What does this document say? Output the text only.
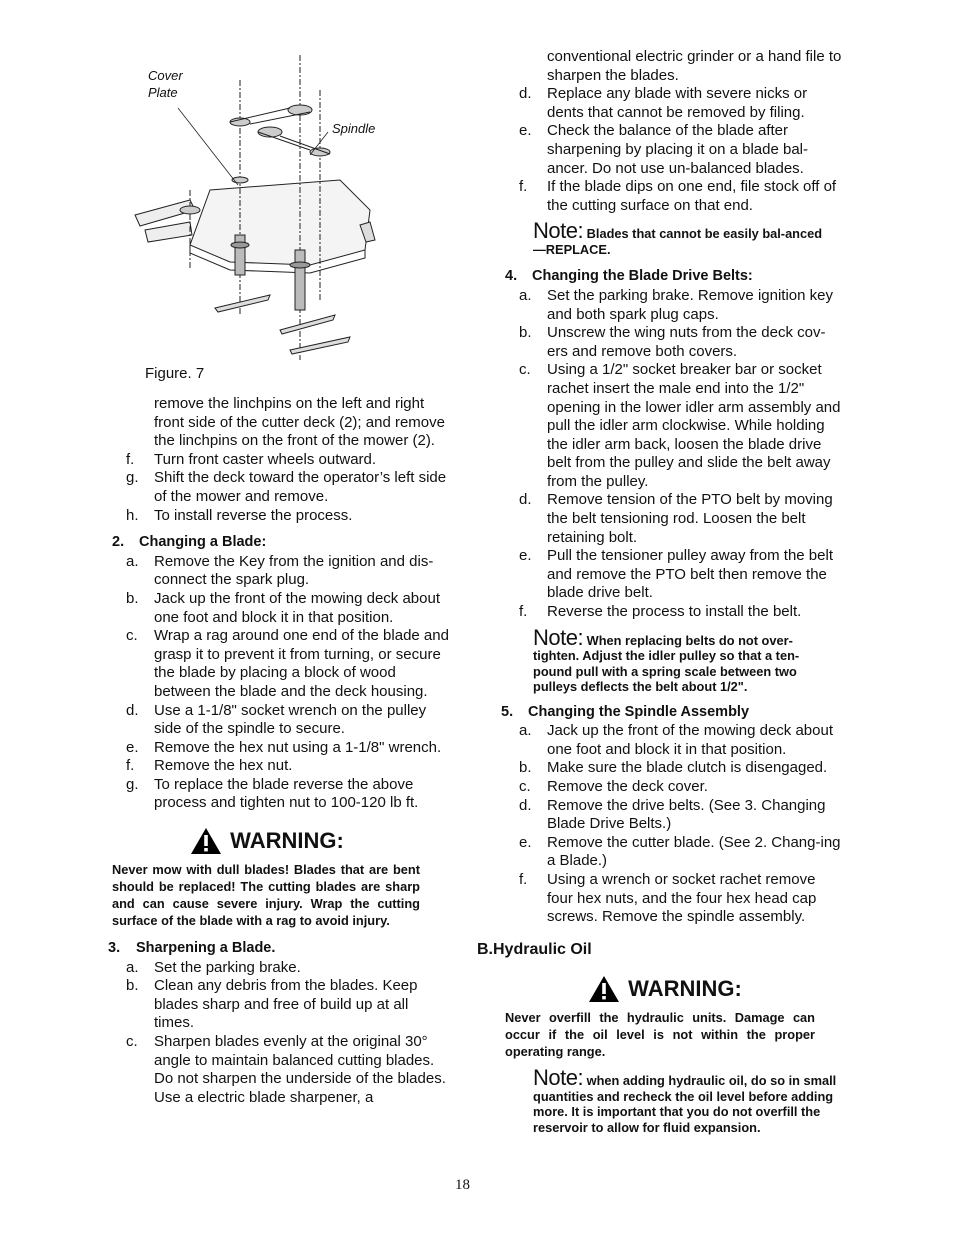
Cover
Plate
Spindle
Figure. 7
remove the linchpins on the left and right front side of the cutter deck (2); and remove the linchpins on the front of the mower (2).
f. Turn front caster wheels outward.
g. Shift the deck toward the operator’s left side of the mower and remove.
h. To install reverse the process.
2. Changing a Blade:
a. Remove the Key from the ignition and dis-connect the spark plug.
b. Jack up the front of the mowing deck about one foot and block it in that position.
c. Wrap a rag around one end of the blade and grasp it to prevent it from turning, or secure the blade by placing a block of wood between the blade and the deck housing.
d. Use a 1-1/8" socket wrench on the pulley side of the spindle to secure.
e. Remove the hex nut using a 1-1/8" wrench.
f. Remove the hex nut.
g. To replace the blade reverse the above process and tighten nut to 100-120 lb ft.
WARNING:
Never mow with dull blades! Blades that are bent should be replaced! The cutting blades are sharp and can cause severe injury. Wrap the cutting surface of the blade with a rag to avoid injury.
3. Sharpening a Blade.
a. Set the parking brake.
b. Clean any debris from the blades. Keep blades sharp and free of build up at all times.
c. Sharpen blades evenly at the original 30° angle to maintain balanced cutting blades. Do not sharpen the underside of the blades. Use a electric blade sharpener, a
conventional electric grinder or a hand file to sharpen the blades.
d. Replace any blade with severe nicks or dents that cannot be removed by filing.
e. Check the balance of the blade after sharpening by placing it on a blade bal-ancer. Do not use un-balanced blades.
f. If the blade dips on one end, file stock off of the cutting surface on that end.
Note: Blades that cannot be easily bal-anced—REPLACE.
4. Changing the Blade Drive Belts:
a. Set the parking brake. Remove ignition key and both spark plug caps.
b. Unscrew the wing nuts from the deck cov-ers and remove both covers.
c. Using a 1/2" socket breaker bar or socket rachet insert the male end into the 1/2" opening in the lower idler arm assembly and pull the idler arm clockwise. While holding the idler arm back, loosen the blade drive belt from the pulley and slide the belt away from the pulley.
d. Remove tension of the PTO belt by moving the belt tensioning rod. Loosen the belt retaining bolt.
e. Pull the tensioner pulley away from the belt and remove the PTO belt then remove the blade drive belt.
f. Reverse the process to install the belt.
Note: When replacing belts do not over-tighten. Adjust the idler pulley so that a ten-pound pull with a spring scale between two pulleys deflects the belt about 1/2".
5. Changing the Spindle Assembly
a. Jack up the front of the mowing deck about one foot and block it in that position.
b. Make sure the blade clutch is disengaged.
c. Remove the deck cover.
d. Remove the drive belts. (See 3. Changing Blade Drive Belts.)
e. Remove the cutter blade. (See 2. Chang-ing a Blade.)
f. Using a wrench or socket rachet remove four hex nuts, and the four hex head cap screws. Remove the spindle assembly.
B.Hydraulic Oil
WARNING:
Never overfill the hydraulic units. Damage can occur if the oil level is not within the proper operating range.
Note: when adding hydraulic oil, do so in small quantities and recheck the oil level before adding more. It is important that you do not overfill the reservoir to allow for fluid expansion.
18
